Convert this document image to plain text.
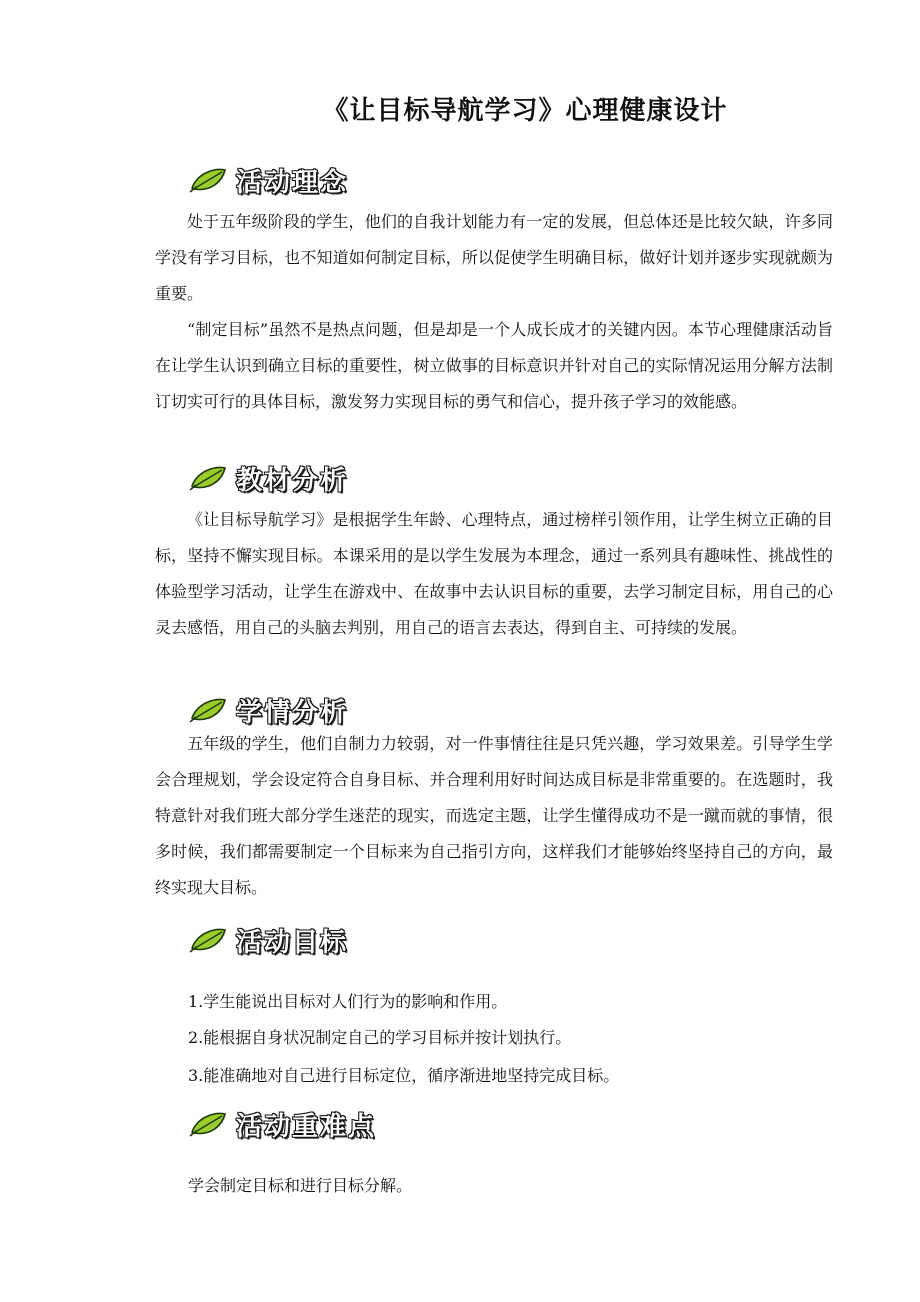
《让目标导航学习》心理健康设计
活动理念

处于五年级阶段的学生，他们的自我计划能力有一定的发展，但总体还是比较欠缺，许多同学没有学习目标，也不知道如何制定目标，所以促使学生明确目标，做好计划并逐步实现就颇为重要。

“制定目标”虽然不是热点问题，但是却是一个人成长成才的关键内因。本节心理健康活动旨在让学生认识到确立目标的重要性，树立做事的目标意识并针对自己的实际情况运用分解方法制订切实可行的具体目标，激发努力实现目标的勇气和信心，提升孩子学习的效能感。

教材分析

《让目标导航学习》是根据学生年龄、心理特点，通过榜样引领作用，让学生树立正确的目标，坚持不懈实现目标。本课采用的是以学生发展为本理念，通过一系列具有趣味性、挑战性的体验型学习活动，让学生在游戏中、在故事中去认识目标的重要，去学习制定目标，用自己的心灵去感悟，用自己的头脑去判别，用自己的语言去表达，得到自主、可持续的发展。

学情分析

五年级的学生，他们自制力力较弱，对一件事情往往是只凭兴趣，学习效果差。引导学生学会合理规划，学会设定符合自身目标、并合理利用好时间达成目标是非常重要的。在选题时，我特意针对我们班大部分学生迷茫的现实，而选定主题，让学生懂得成功不是一蹴而就的事情，很多时候，我们都需要制定一个目标来为自己指引方向，这样我们才能够始终坚持自己的方向，最终实现大目标。

活动目标

1.学生能说出目标对人们行为的影响和作用。

2.能根据自身状况制定自己的学习目标并按计划执行。

3.能准确地对自己进行目标定位，循序渐进地坚持完成目标。

活动重难点

学会制定目标和进行目标分解。
